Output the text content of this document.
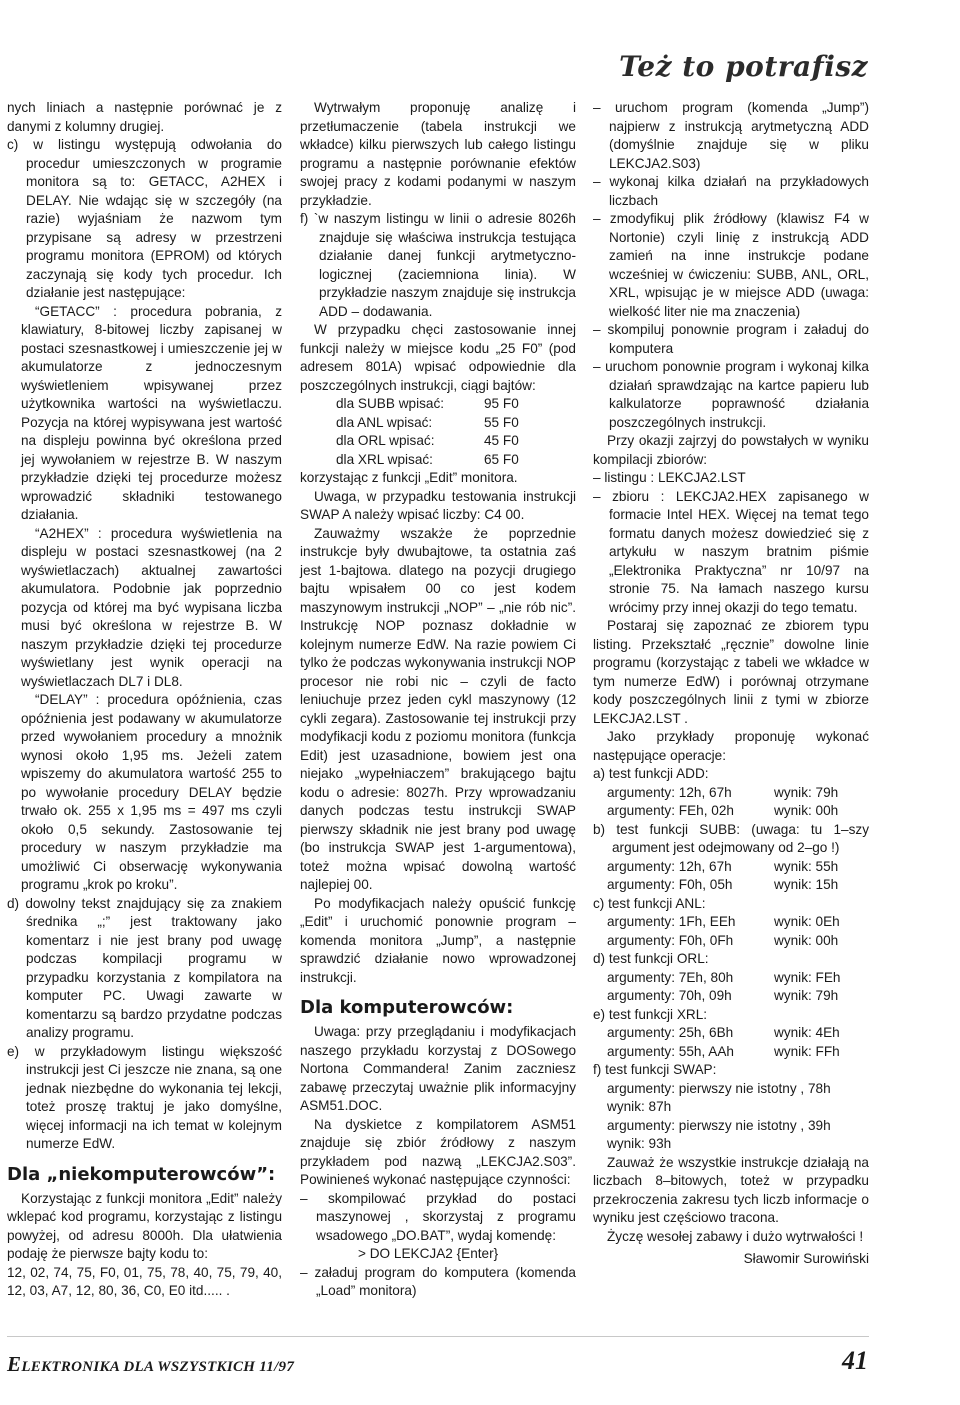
Też to potrafisz

nych liniach a następnie porównać je z danymi z kolumny drugiej.

c) w listingu występują odwołania do procedur umieszczonych w programie monitora są to: GETACC, A2HEX i DELAY. Nie wdając się w szczegóły (na razie) wyjaśniam że nazwom tym przypisane są adresy w przestrzeni programu monitora (EPROM) od których zaczynają się kody tych procedur. Ich działanie jest następujące:

“GETACC” : procedura pobrania, z klawiatury, 8-bitowej liczby zapisanej w postaci szesnastkowej i umieszczenie jej w akumulatorze z jednoczesnym wyświetleniem wpisywanej przez użytkownika wartości na wyświetlaczu. Pozycja na której wypisywana jest wartość na displeju powinna być określona przed jej wywołaniem w rejestrze B. W naszym przykładzie dzięki tej procedurze możesz wprowadzić składniki testowanego działania.

“A2HEX” : procedura wyświetlenia na displeju w postaci szesnastkowej (na 2 wyświetlaczach) aktualnej zawartości akumulatora. Podobnie jak poprzednio pozycja od której ma być wypisana liczba musi być określona w rejestrze B. W naszym przykładzie dzięki tej procedurze wyświetlany jest wynik operacji na wyświetlaczach DL7 i DL8.

“DELAY” : procedura opóźnienia, czas opóźnienia jest podawany w akumulatorze przed wywołaniem procedury a mnożnik wynosi około 1,95 ms. Jeżeli zatem wpiszemy do akumulatora wartość 255 to po wywołanie procedury DELAY będzie trwało ok. 255 x 1,95 ms = 497 ms czyli około 0,5 sekundy. Zastosowanie tej procedury w naszym przykładzie ma umożliwić Ci obserwację wykonywania programu „krok po kroku”.

d) dowolny tekst znajdujący się za znakiem średnika „;” jest traktowany jako komentarz i nie jest brany pod uwagę podczas kompilacji programu w przypadku korzystania z kompilatora na komputer PC. Uwagi zawarte w komentarzu są bardzo przydatne podczas analizy programu.

e) w przykładowym listingu większość instrukcji jest Ci jeszcze nie znana, są one jednak niezbędne do wykonania tej lekcji, toteż proszę traktuj je jako domyślne, więcej informacji na ich temat w kolejnym numerze EdW.

Dla „niekomputerowców”:

Korzystając z funkcji monitora „Edit” należy wklepać kod programu, korzystając z listingu powyżej, od adresu 8000h. Dla ułatwienia podaję że pierwsze bajty kodu to:

12, 02, 74, 75, F0, 01, 75, 78, 40, 75, 79, 40, 12, 03, A7, 12, 80, 36, C0, E0 itd..... .

Wytrwałym proponuję analizę i przetłumaczenie (tabela instrukcji we wkładce) kilku pierwszych lub całego listingu programu a następnie porównanie efektów swojej pracy z kodami podanymi w naszym przykładzie.

f) `w naszym listingu w linii o adresie 8026h znajduje się właściwa instrukcja testująca działanie danej funkcji arytmetyczno-logicznej (zaciemniona linia). W przykładzie naszym znajduje się instrukcja ADD – dodawania.

W przypadku chęci zastosowanie innej funkcji należy w miejsce kodu „25 F0” (pod adresem 801A) wpisać odpowiednie dla poszczególnych instrukcji, ciągi bajtów:

dla SUBB wpisać:	95 F0

dla ANL wpisać:	55 F0

dla ORL wpisać:	45 F0

dla XRL wpisać:	65 F0

korzystając z funkcji „Edit” monitora.

Uwaga, w przypadku testowania instrukcji SWAP A należy wpisać liczby: C4 00.

Zauważmy wszakże że poprzednie instrukcje były dwubajtowe, ta ostatnia zaś jest 1-bajtowa. dlatego na pozycji drugiego bajtu wpisałem 00 co jest kodem maszynowym instrukcji „NOP” – „nie rób nic”. Instrukcję NOP poznasz dokładnie w kolejnym numerze EdW. Na razie powiem Ci tylko że podczas wykonywania instrukcji NOP procesor nie robi nic – czyli de facto leniuchuje przez jeden cykl maszynowy (12 cykli zegara). Zastosowanie tej instrukcji przy modyfikacji kodu z poziomu monitora (funkcja Edit) jest uzasadnione, bowiem jest ona niejako „wypełniaczem” brakującego bajtu kodu o adresie: 8027h. Przy wprowadzaniu danych podczas testu instrukcji SWAP pierwszy składnik nie jest brany pod uwagę (bo instrukcja SWAP jest 1-argumentowa), toteż można wpisać dowolną wartość najlepiej 00.

Po modyfikacjach należy opuścić funkcję „Edit” i uruchomić ponownie program – komenda monitora „Jump”, a następnie sprawdzić działanie nowo wprowadzonej instrukcji.

Dla komputerowców:

Uwaga: przy przeglądaniu i modyfikacjach naszego przykładu korzystaj z DOSowego Nortona Commandera! Zanim zaczniesz zabawę przeczytaj uważnie plik informacyjny ASM51.DOC.

Na dyskietce z kompilatorem ASM51 znajduje się zbiór źródłowy z naszym przykładem pod nazwą „LEKCJA2.S03”. Powinieneś wykonać następujące czynności:

– skompilować przykład do postaci maszynowej , skorzystaj z programu wsadowego „DO.BAT”, wydaj komendę:

> DO LEKCJA2 {Enter}

– załaduj program do komputera (komenda „Load” monitora)

– uruchom program (komenda „Jump”) najpierw z instrukcją arytmetyczną ADD (domyślnie znajduje się w pliku LEKCJA2.S03)

– wykonaj kilka działań na przykładowych liczbach

– zmodyfikuj plik źródłowy (klawisz F4 w Nortonie) czyli linię z instrukcją ADD zamień na inne instrukcje podane wcześniej w ćwiczeniu: SUBB, ANL, ORL, XRL, wpisując je w miejsce ADD (uwaga: wielkość liter nie ma znaczenia)

– skompiluj ponownie program i załaduj do komputera

– uruchom ponownie program i wykonaj kilka działań sprawdzając na kartce papieru lub kalkulatorze poprawność działania poszczególnych instrukcji.

Przy okazji zajrzyj do powstałych w wyniku kompilacji zbiorów:

– listingu : LEKCJA2.LST

– zbioru : LEKCJA2.HEX zapisanego w formacie Intel HEX. Więcej na temat tego formatu danych możesz dowiedzieć się z artykułu w naszym bratnim piśmie „Elektronika Praktyczna” nr 10/97 na stronie 75. Na łamach naszego kursu wrócimy przy innej okazji do tego tematu.

Postaraj się zapoznać ze zbiorem typu listing. Przekształć „ręcznie” dowolne linie programu (korzystając z tabeli we wkładce w tym numerze EdW) i porównaj otrzymane kody poszczególnych linii z tymi w zbiorze LEKCJA2.LST .

Jako przykłady proponuję wykonać następujące operacje:

a) test funkcji ADD:

argumenty: 12h, 67h	wynik: 79h

argumenty: FEh, 02h	wynik: 00h

b) test funkcji SUBB: (uwaga: tu 1–szy argument jest odejmowany od 2–go !)

argumenty: 12h, 67h	wynik: 55h

argumenty: F0h, 05h	wynik: 15h

c) test funkcji ANL:

argumenty: 1Fh, EEh	wynik: 0Eh

argumenty: F0h, 0Fh	wynik: 00h

d) test funkcji ORL:

argumenty: 7Eh, 80h	wynik: FEh

argumenty: 70h, 09h	wynik: 79h

e) test funkcji XRL:

argumenty: 25h, 6Bh	wynik: 4Eh

argumenty: 55h, AAh	wynik: FFh

f) test funkcji SWAP:

argumenty: pierwszy nie istotny , 78h

wynik: 87h

argumenty: pierwszy nie istotny , 39h

wynik: 93h

Zauważ że wszystkie instrukcje działają na liczbach 8–bitowych, toteż w przypadku przekroczenia zakresu tych liczb informacje o wyniku jest częściowo tracona.

Życzę wesołej zabawy i dużo wytrwałości !

Sławomir Surowiński

ELEKTRONIKA DLA WSZYSTKICH 11/97	41
